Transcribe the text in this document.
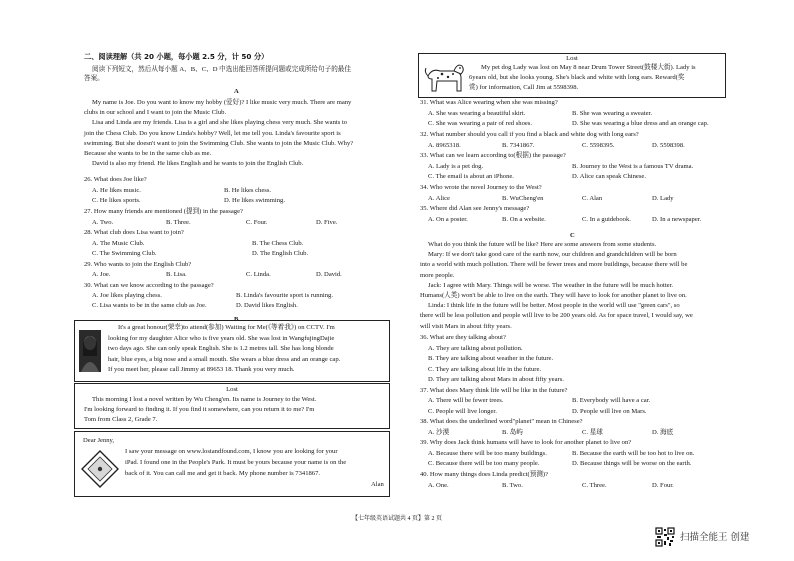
二、阅读理解（共 20 小题，每小题 2.5 分，计 50 分）
阅读下列短文，然后从每小题 A、B、C、D 中选出能回答所提问题或完成所给句子的最佳
答案。
A
My name is Joe. Do you want to know my hobby (爱好)? I like music very much. There are many
clubs in our school and I want to join the Music Club.
Lisa and Linda are my friends. Lisa is a girl and she likes playing chess very much. She wants to
join the Chess Club. Do you know Linda's hobby? Well, let me tell you. Linda's favourite sport is
swimming. But she doesn't want to join the Swimming Club. She wants to join the Music Club. Why?
Because she wants to be in the same club as me.
David is also my friend. He likes English and he wants to join the English Club.
26. What does Joe like?
A. He likes music.	B. He likes chess.
C. He likes sports.	D. He likes swimming.
27. How many friends are mentioned (提到) in the passage?
A. Two.	B. Three.	C. Four.	D. Five.
28. What club does Lisa want to join?
A. The Music Club.	B. The Chess Club.
C. The Swimming Club.	D. The English Club.
29. Who wants to join the English Club?
A. Joe.	B. Lisa.	C. Linda.	D. David.
30. What can we know according to the passage?
A. Joe likes playing chess.	B. Linda's favourite sport is running.
C. Lisa wants to be in the same club as Joe.	D. David likes English.
B
It's a great honour(荣幸)to attend(参加) Waiting for Me(《等着我》) on CCTV. I'm
looking for my daughter Alice who is five years old. She was lost in WangfujingDajie
two days ago. She can only speak English. She is 1.2 metres tall. She has long blonde
hair, blue eyes, a big nose and a small mouth. She wears a blue dress and an orange cap.
If you meet her, please call Jimmy at 89653 18. Thank you very much.
Lost
This morning I lost a novel written by Wu Cheng'en. Its name is Journey to the West.
I'm looking forward to finding it. If you find it somewhere, can you return it to me? I'm
Tom from Class 2, Grade 7.
Dear Jenny,
I saw your message on www.lostandfound.com, I know you are looking for your
iPad. I found one in the People's Park. It must be yours because your name is on the
back of it. You can call me and get it back. My phone number is 7341867.
Alan
Lost
My pet dog Lady was lost on May 8 near Drum Tower Street(鼓楼大街). Lady is
6years old, but she looks young. She's black and white with long ears. Reward(奖
赏) for information, Call Jim at 5598398.
31. What was Alice wearing when she was missing?
A. She was wearing a beautiful skirt.	B. She was wearing a sweater.
C. She was wearing a pair of red shoes.	D. She was wearing a blue dress and an orange cap.
32. What number should you call if you find a black and white dog with long ears?
A. 8965318.	B. 7341867.	C. 5598395.	D. 5598398.
33. What can we learn according to(根据) the passage?
A. Lady is a pet dog.	B. Journey to the West is a famous TV drama.
C. The email is about an iPhone.	D. Alice can speak Chinese.
34. Who wrote the novel Journey to the West?
A. Alice	B. WuCheng'en	C. Alan	D. Lady
35. Where did Alan see Jenny's message?
A. On a poster.	B. On a website.	C. In a guidebook.	D. In a newspaper.
C
What do you think the future will be like? Here are some answers from some students.
Mary: If we don't take good care of the earth now, our children and grandchildren will be born
into a world with much pollution. There will be fewer trees and more buildings, because there will be
more people.
Jack: I agree with Mary. Things will be worse. The weather in the future will be much hotter.
Humans(人类) won't be able to live on the earth. They will have to look for another planet to live on.
Linda: I think life in the future will be better. Most people in the world will use "green cars", so
there will be less pollution and people will live to be 200 years old. As for space travel, I would say, we
will visit Mars in about fifty years.
36. What are they talking about?
A. They are talking about pollution.
B. They are talking about weather in the future.
C. They are talking about life in the future.
D. They are talking about Mars in about fifty years.
37. What does Mary think life will be like in the future?
A. There will be fewer trees.	B. Everybody will have a car.
C. People will live longer.	D. People will live on Mars.
38. What does the underlined word"planet" mean in Chinese?
A. 沙漠	B. 岛屿	C. 星球	D. 海底
39. Why does Jack think humans will have to look for another planet to live on?
A. Because there will be too many buildings.	B. Because the earth will be too hot to live on.
C. Because there will be too many people.	D. Because things will be worse on the earth.
40. How many things does Linda predict(预测)?
A. One.	B. Two.	C. Three.	D. Four.
【七年级英语试题共 4 页】第 2 页
扫描全能王 创建
